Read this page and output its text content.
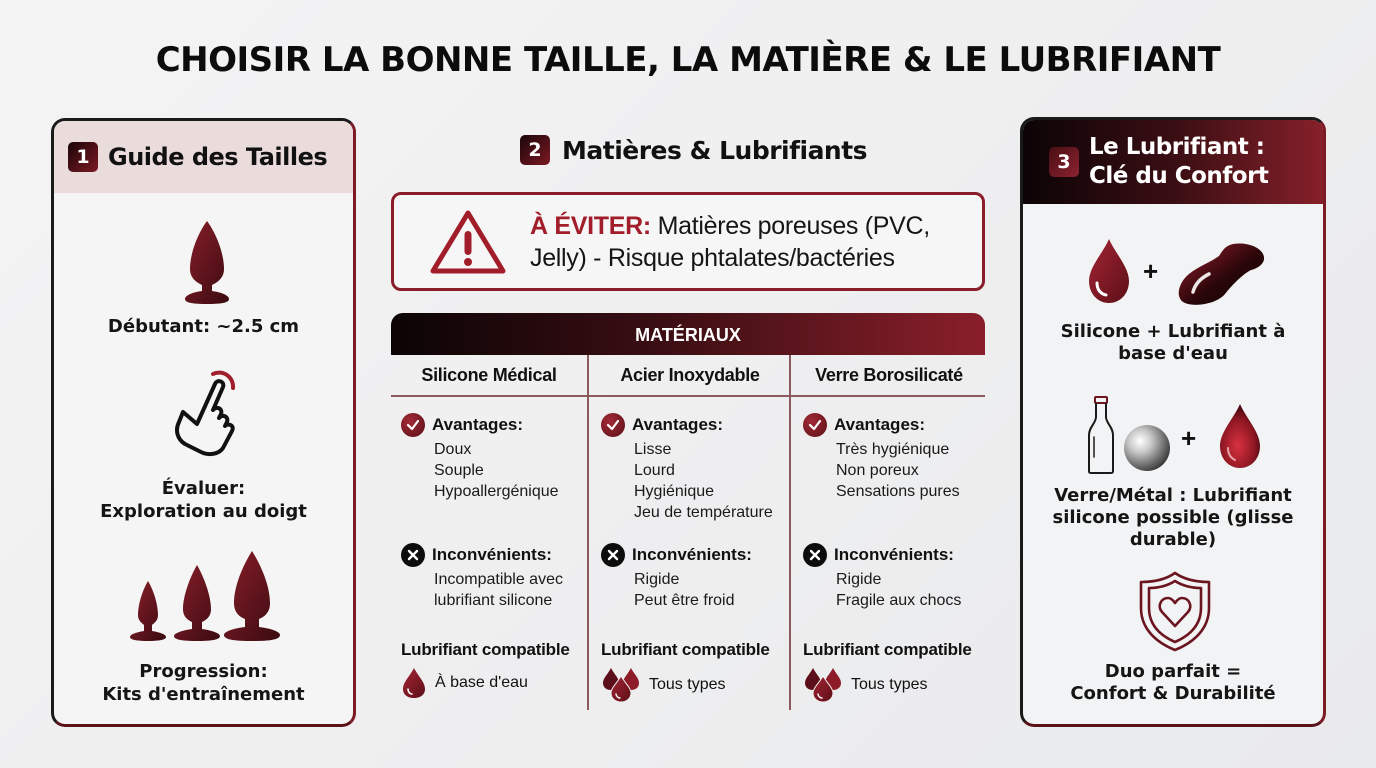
CHOISIR LA BONNE TAILLE, LA MATIÈRE & LE LUBRIFIANT
1 Guide des Tailles
Débutant: ~2.5 cm
Évaluer:
Exploration au doigt
Progression:
Kits d'entraînement
2 Matières & Lubrifiants
À ÉVITER: Matières poreuses (PVC,
Jelly) - Risque phtalates/bactéries
MATÉRIAUX
Silicone Médical
Avantages:
Doux
Souple
Hypoallergénique
Inconvénients:
Incompatible avec
lubrifiant silicone
Lubrifiant compatible
À base d'eau
Acier Inoxydable
Avantages:
Lisse
Lourd
Hygiénique
Jeu de température
Inconvénients:
Rigide
Peut être froid
Lubrifiant compatible
Tous types
Verre Borosilicaté
Avantages:
Très hygiénique
Non poreux
Sensations pures
Inconvénients:
Rigide
Fragile aux chocs
Lubrifiant compatible
Tous types
3
Le Lubrifiant :
Clé du Confort
+
Silicone + Lubrifiant à
base d'eau
+
Verre/Métal : Lubrifiant
silicone possible (glisse
durable)
Duo parfait =
Confort & Durabilité
